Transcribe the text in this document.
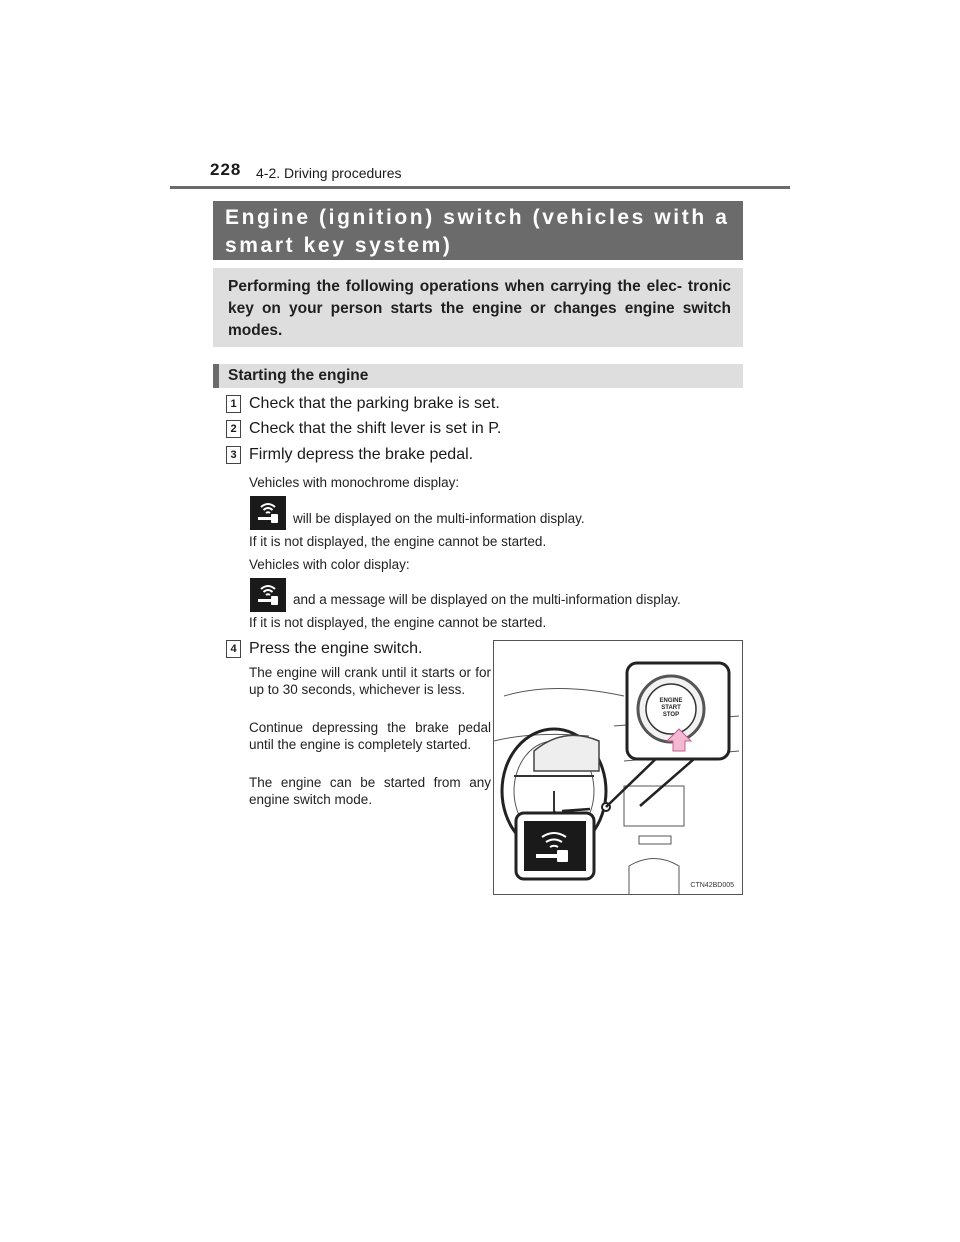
228 4-2. Driving procedures
Engine (ignition) switch (vehicles with a
smart key system)
Performing the following operations when carrying the elec- tronic key on your person starts the engine or changes engine switch modes.
Starting the engine
1 Check that the parking brake is set.
2 Check that the shift lever is set in P.
3 Firmly depress the brake pedal.
Vehicles with monochrome display:
will be displayed on the multi-information display.
If it is not displayed, the engine cannot be started.
Vehicles with color display:
and a message will be displayed on the multi-information display.
If it is not displayed, the engine cannot be started.
4 Press the engine switch.
The engine will crank until it starts or for up to 30 seconds, whichever is less.
Continue depressing the brake pedal until the engine is completely started.
The engine can be started from any engine switch mode.
ENGINE
START
STOP
CTN42BD005
